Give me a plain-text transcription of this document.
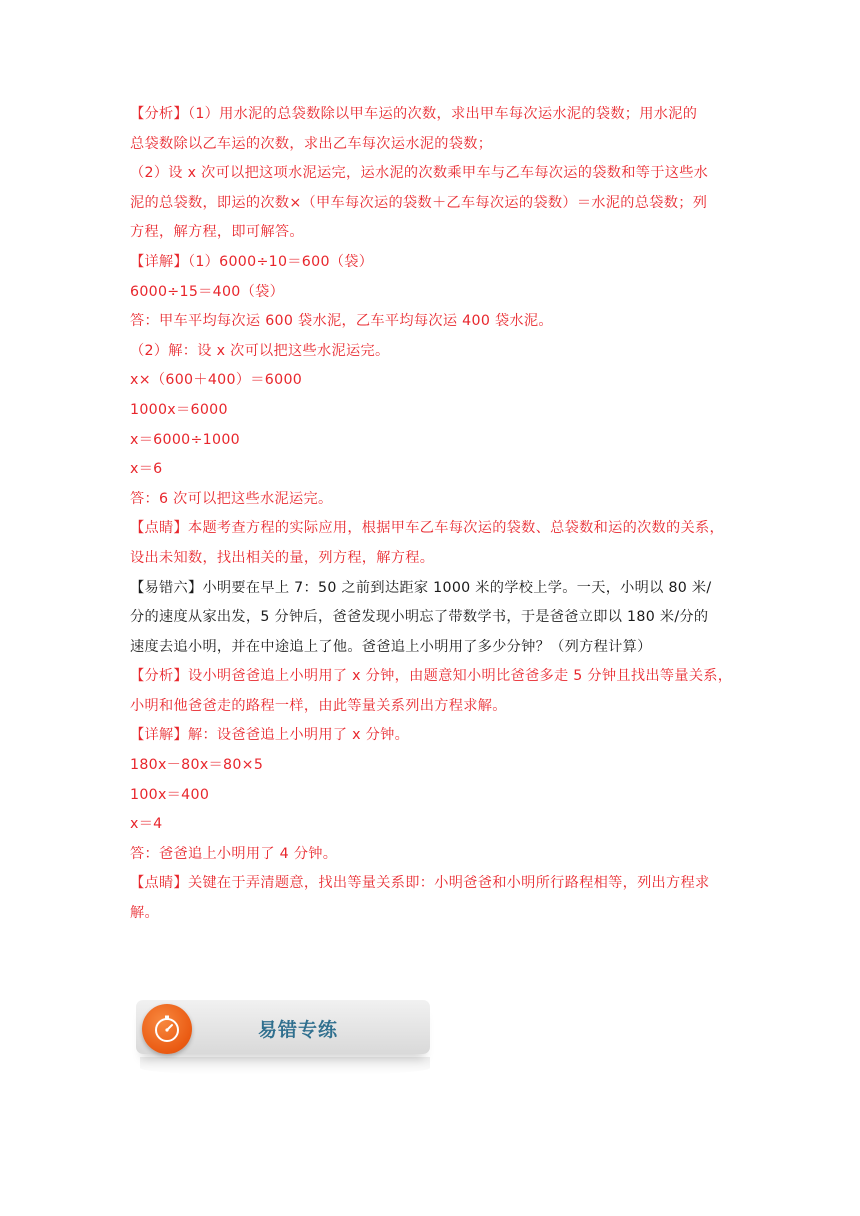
【分析】（1）用水泥的总袋数除以甲车运的次数，求出甲车每次运水泥的袋数；用水泥的

总袋数除以乙车运的次数，求出乙车每次运水泥的袋数；

（2）设 x 次可以把这项水泥运完，运水泥的次数乘甲车与乙车每次运的袋数和等于这些水

泥的总袋数，即运的次数×（甲车每次运的袋数＋乙车每次运的袋数）＝水泥的总袋数；列

方程，解方程，即可解答。

【详解】（1）6000÷10＝600（袋）

6000÷15＝400（袋）

答：甲车平均每次运 600 袋水泥，乙车平均每次运 400 袋水泥。

（2）解：设 x 次可以把这些水泥运完。

x×（600＋400）＝6000

1000x＝6000

x＝6000÷1000

x＝6

答：6 次可以把这些水泥运完。

【点睛】本题考查方程的实际应用，根据甲车乙车每次运的袋数、总袋数和运的次数的关系，

设出未知数，找出相关的量，列方程，解方程。

【易错六】小明要在早上 7：50 之前到达距家 1000 米的学校上学。一天，小明以 80 米/

分的速度从家出发，5 分钟后，爸爸发现小明忘了带数学书，于是爸爸立即以 180 米/分的

速度去追小明，并在中途追上了他。爸爸追上小明用了多少分钟？（列方程计算）

【分析】设小明爸爸追上小明用了 x 分钟，由题意知小明比爸爸多走 5 分钟且找出等量关系，

小明和他爸爸走的路程一样，由此等量关系列出方程求解。

【详解】解：设爸爸追上小明用了 x 分钟。

180x－80x＝80×5

100x＝400

x＝4

答：爸爸追上小明用了 4 分钟。

【点睛】关键在于弄清题意，找出等量关系即：小明爸爸和小明所行路程相等，列出方程求

解。

易错专练
